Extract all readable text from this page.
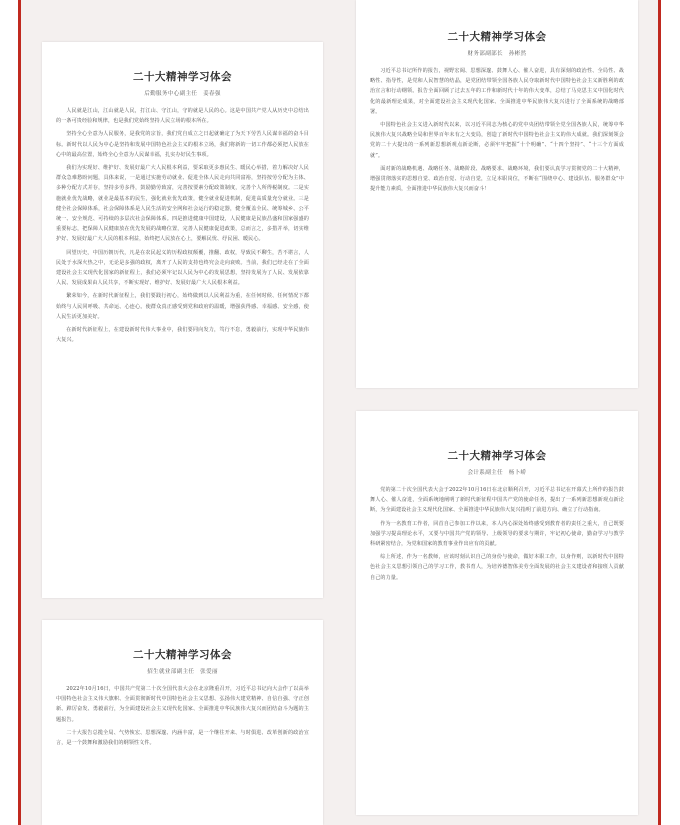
二十大精神学习体会
后勤服务中心副主任　姜春强

人民就是江山，江山就是人民，打江山、守江山，守的就是人民的心。这是中国共产党人从历史中总结出的一条可贵经验和规律，也是我们党始终坚持人民立场的根本所在。

坚持全心全意为人民服务，是我党的宗旨，我们党自成立之日起就确定了为天下劳苦人民谋幸福的奋斗目标。新时代以人民为中心是坚持和发展中国特色社会主义的根本立场，我们将新的一切工作都必须把人民放在心中的最高位置，始终全心全意为人民谋幸福，扎实办好民生事项。

我们为实现好、维护好、发展好最广大人民根本利益，要采取更多惠民生、暖民心举措，着力解决好人民群众急难愁盼问题，具体来说，一是通过实施劳动就业、促进全体人民走向共同富裕，坚持按劳分配为主体、多种分配方式并存，坚持多劳多得，鼓励勤劳致富，完善按要素分配政策制度，完善个人所得税制度。二是实施就业优先战略，就业是最基本的民生，强化就业优先政策，健全就业促进机制，促进高质量充分就业。三是健全社会保障体系，社会保障体系是人民生活的安全网和社会运行的稳定器，健全覆盖全民、统筹城乡、公平统一、安全规范、可持续的多层次社会保障体系。四是推进健康中国建设，人民健康是民族昌盛和国家强盛的重要标志，把保障人民健康放在优先发展的战略位置，完善人民健康促进政策，总而言之，多措并举，切实维护好、发展好最广大人民的根本利益，始终把人民放在心上，要解民忧、纾民困、暖民心。

回望历史，中国历朝历代，凡是在农民起义的历程政权颠覆，推翻、政权，导致民不聊生，苦不堪言，人民处于水深火热之中，无论是多强的政权，离开了人民的支持也终究会走向衰败。当前，我们已经走在了全面建设社会主义现代化国家的新征程上，我们必须牢记以人民为中心的发展思想，坚持发展为了人民、发展依靠人民、发展成果由人民共享，不断实现好、维护好、发展好最广大人民根本利益。

繁荣如今，在新时代新征程上，我们要践行初心，始终做到以人民利益为重，在任何时候、任何情况下都始终与人民同呼吸、共命运、心连心。使群众真正感受到党和政府的温暖，增强获得感、幸福感、安全感，使人民生活更加美好。

在新时代新征程上，在建设新时代伟大事业中，我们要同向发力，笃行不怠，勇毅前行，实现中华民族伟大复兴。

二十大精神学习体会
财务部副部长　孙彬然

习近平总书记所作的报告，视野宏阔、思想深邃、鼓舞人心、催人奋进，具有深刻的政治性、全局性、战略性、指导性，是党和人民智慧的结晶，是党团结带领全国各族人民夺取新时代中国特色社会主义新胜利的政治宣言和行动纲领。报告全面回顾了过去五年的工作和新时代十年的伟大变革，总结了马克思主义中国化时代化的最新理论成果，对全面建设社会主义现代化国家、全面推进中华民族伟大复兴进行了全面系统的战略部署。

中国特色社会主义进入新时代以来，以习近平同志为核心的党中央团结带领全党全国各族人民，统筹中华民族伟大复兴战略全局和世界百年未有之大变局，创造了新时代中国特色社会主义的伟大成就。我们深刻领会党的二十大提出的一系列新思想新观点新论断，必须牢牢把握“十个明确”、“十四个坚持”、“十三个方面成就”。

面对新的战略机遇、战略任务、战略阶段、战略要求、战略环境，我们要认真学习贯彻党的二十大精神，增强贯彻落实的思想自觉、政治自觉、行动自觉，立足本职岗位，不断在“围绕中心、建设队伍、服务群众”中提升能力素质，全面推进中华民族伟大复兴而奋斗！

二十大精神学习体会
会计系副主任　杨卜峤

党的第二十次全国代表大会于2022年10月16日在北京顺利召开，习近平总书记在开幕式上所作的报告鼓舞人心、催人奋进，全面系统地阐明了新时代新征程中国共产党的使命任务，提出了一系列新思想新观点新论断，为全面建设社会主义现代化国家、全面推进中华民族伟大复兴指明了前进方向、确立了行动指南。

作为一名教育工作者，回首自己参加工作以来，本人内心深处始终感受到教育者的责任之重大，自己既要加强学习提高理论水平，又要与中国共产党的领导、上级领导的要求与期许，牢记初心使命，勤奋学习与教学科研紧密结合，为党和国家的教育事业作出应有的贡献。

综上所述，作为一名教师，应该时刻认识自己的身份与使命，做好本职工作，以身作则，以新时代中国特色社会主义思想引领自己的学习工作，教书育人，为培养德智体美劳全面发展的社会主义建设者和接班人贡献自己的力量。

二十大精神学习体会
招生就业部副主任　张爱丽

2022年10月16日，中国共产党第二十次全国代表大会在北京隆重召开，习近平总书记向大会作了以高举中国特色社会主义伟大旗帜、全面贯彻新时代中国特色社会主义思想、弘扬伟大建党精神、自信自强、守正创新、踔厉奋发、勇毅前行，为全面建设社会主义现代化国家、全面推进中华民族伟大复兴而团结奋斗为题的主题报告。

二十大报告总揽全局、气势恢宏、思想深邃、内涵丰富，是一个继往开来、与时俱进、改革创新的政治宣言，是一个鼓舞和激励我们的纲领性文件。
